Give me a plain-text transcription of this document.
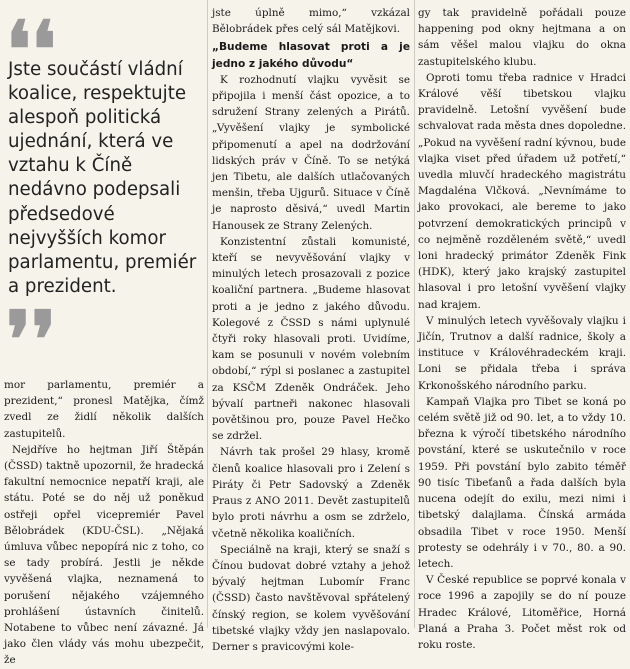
❛❛

Jste součástí vládní koalice, respektujte alespoň politická ujednání, která ve vztahu k Číně nedávno podepsali předsedové nejvyšších komor parlamentu, premiér a prezident.

❜❜

mor parlamentu, premiér a prezident,“ pronesl Matějka, čímž zvedl ze židlí několik dalších zastupitelů.

Nejdříve ho hejtman Jiří Štěpán (ČSSD) taktně upozornil, že hradecká fakultní nemocnice nepatří kraji, ale státu. Poté se do něj už poněkud ostřeji opřel vicepremiér Pavel Bělobrádek (KDU-ČSL). „Nějaká úmluva vůbec nepopírá nic z toho, co se tady probírá. Jestli je někde vyvěšená vlajka, neznamená to porušení nějakého vzájemného prohlášení ústavních činitelů. Notabene to vůbec není závazné. Já jako člen vlády vás mohu ubezpečit, že

jste úplně mimo,“ vzkázal Bělobrádek přes celý sál Matějkovi.

„Budeme hlasovat proti a je jedno z jakého důvodu“

K rozhodnutí vlajku vyvěsit se připojila i menší část opozice, a to sdružení Strany zelených a Pirátů. „Vyvěšení vlajky je symbolické připomenutí a apel na dodržování lidských práv v Číně. To se netýká jen Tibetu, ale dalších utlačovaných menšin, třeba Ujgurů. Situace v Číně je naprosto děsivá,“ uvedl Martin Hanousek ze Strany Zelených.

Konzistentní zůstali komunisté, kteří se nevyvěšování vlajky v minulých letech prosazovali z pozice koaliční partnera. „Budeme hlasovat proti a je jedno z jakého důvodu. Kolegové z ČSSD s námi uplynulé čtyři roky hlasovali proti. Uvidíme, kam se posunuli v novém volebním období,“ rýpl si poslanec a zastupitel za KSČM Zdeněk Ondráček. Jeho bývalí partneři nakonec hlasovali povětšinou pro, pouze Pavel Hečko se zdržel.

Návrh tak prošel 29 hlasy, kromě členů koalice hlasovali pro i Zelení s Piráty či Petr Sadovský a Zdeněk Praus z ANO 2011. Devět zastupitelů bylo proti návrhu a osm se zdrželo, včetně několika koaličních.

Speciálně na kraji, který se snaží s Čínou budovat dobré vztahy a jehož bývalý hejtman Lubomír Franc (ČSSD) často navštěvoval spřátelený čínský region, se kolem vyvěšování tibetské vlajky vždy jen naslapovalo. Derner s pravicovými kole-

gy tak pravidelně pořádali pouze happening pod okny hejtmana a on sám věšel malou vlajku do okna zastupitelského klubu.

Oproti tomu třeba radnice v Hradci Králové věší tibetskou vlajku pravidelně. Letošní vyvěšení bude schvalovat rada města dnes dopoledne. „Pokud na vyvěšení radní kývnou, bude vlajka viset před úřadem už potřetí,“ uvedla mluvčí hradeckého magistrátu Magdaléna Vlčková. „Nevnímáme to jako provokaci, ale bereme to jako potvrzení demokratických principů v co nejměně rozděleném světě,“ uvedl loni hradecký primátor Zdeněk Fink (HDK), který jako krajský zastupitel hlasoval i pro letošní vyvěšení vlajky nad krajem.

V minulých letech vyvěšovaly vlajku i Jičín, Trutnov a další radnice, školy a instituce v Královéhradeckém kraji. Loni se přidala třeba i správa Krkonošského národního parku.

Kampaň Vlajka pro Tibet se koná po celém světě již od 90. let, a to vždy 10. března k výročí tibetského národního povstání, které se uskutečnilo v roce 1959. Při povstání bylo zabito téměř 90 tisíc Tibeťanů a řada dalších byla nucena odejít do exilu, mezi nimi i tibetský dalajlama. Čínská armáda obsadila Tibet v roce 1950. Menší protesty se odehrály i v 70., 80. a 90. letech.

V České republice se poprvé konala v roce 1996 a zapojily se do ní pouze Hradec Králové, Litoměřice, Horná Planá a Praha 3. Počet měst rok od roku roste.
